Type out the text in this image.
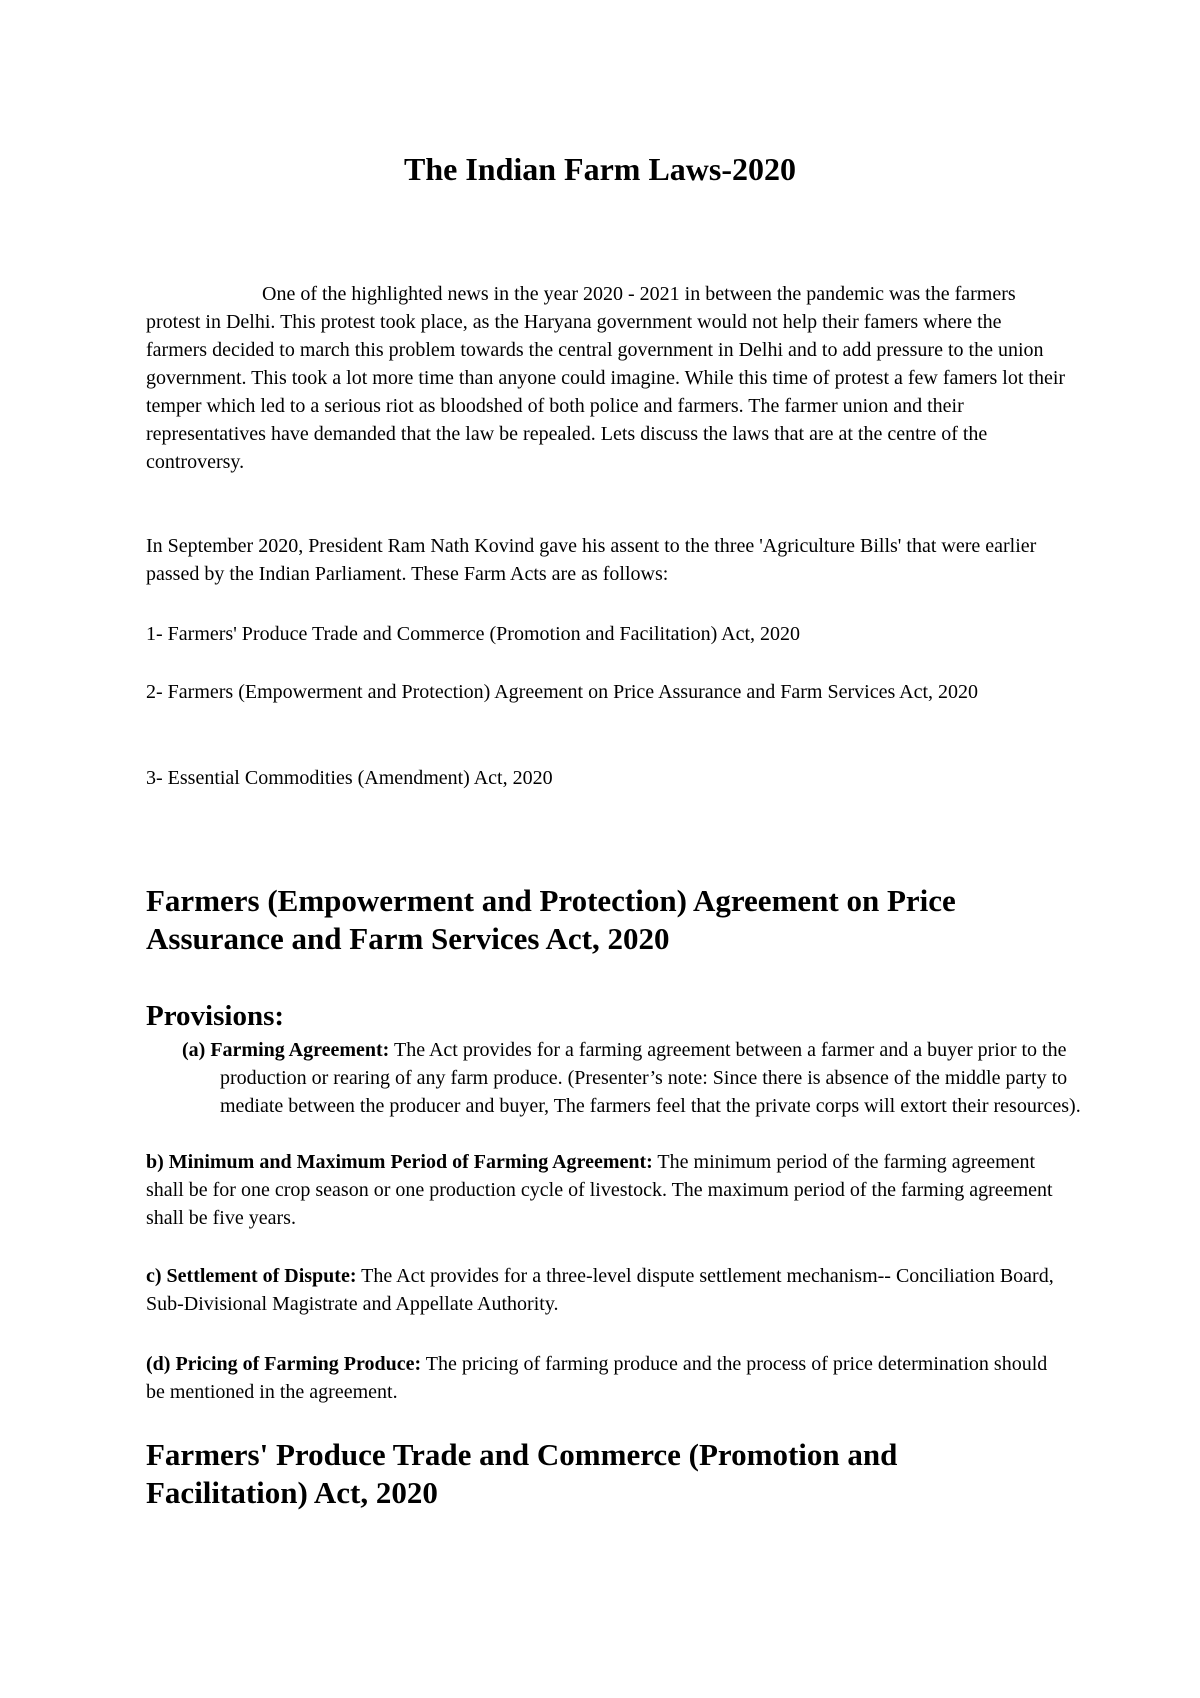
The Indian Farm Laws-2020

One of the highlighted news in the year 2020 - 2021 in between the pandemic was the farmers protest in Delhi. This protest took place, as the Haryana government would not help their famers where the farmers decided to march this problem towards the central government in Delhi and to add pressure to the union government. This took a lot more time than anyone could imagine. While this time of protest a few famers lot their temper which led to a serious riot as bloodshed of both police and farmers. The farmer union and their representatives have demanded that the law be repealed. Lets discuss the laws that are at the centre of the controversy.

In September 2020, President Ram Nath Kovind gave his assent to the three 'Agriculture Bills' that were earlier passed by the Indian Parliament. These Farm Acts are as follows:

1- Farmers' Produce Trade and Commerce (Promotion and Facilitation) Act, 2020

2- Farmers (Empowerment and Protection) Agreement on Price Assurance and Farm Services Act, 2020

3- Essential Commodities (Amendment) Act, 2020

Farmers (Empowerment and Protection) Agreement on Price Assurance and Farm Services Act, 2020
Provisions:

(a) Farming Agreement: The Act provides for a farming agreement between a farmer and a buyer prior to the production or rearing of any farm produce. (Presenter’s note: Since there is absence of the middle party to mediate between the producer and buyer, The farmers feel that the private corps will extort their resources).

b) Minimum and Maximum Period of Farming Agreement: The minimum period of the farming agreement shall be for one crop season or one production cycle of livestock. The maximum period of the farming agreement shall be five years.

c) Settlement of Dispute: The Act provides for a three-level dispute settlement mechanism-- Conciliation Board, Sub-Divisional Magistrate and Appellate Authority.

(d) Pricing of Farming Produce: The pricing of farming produce and the process of price determination should be mentioned in the agreement.

Farmers' Produce Trade and Commerce (Promotion and Facilitation) Act, 2020
